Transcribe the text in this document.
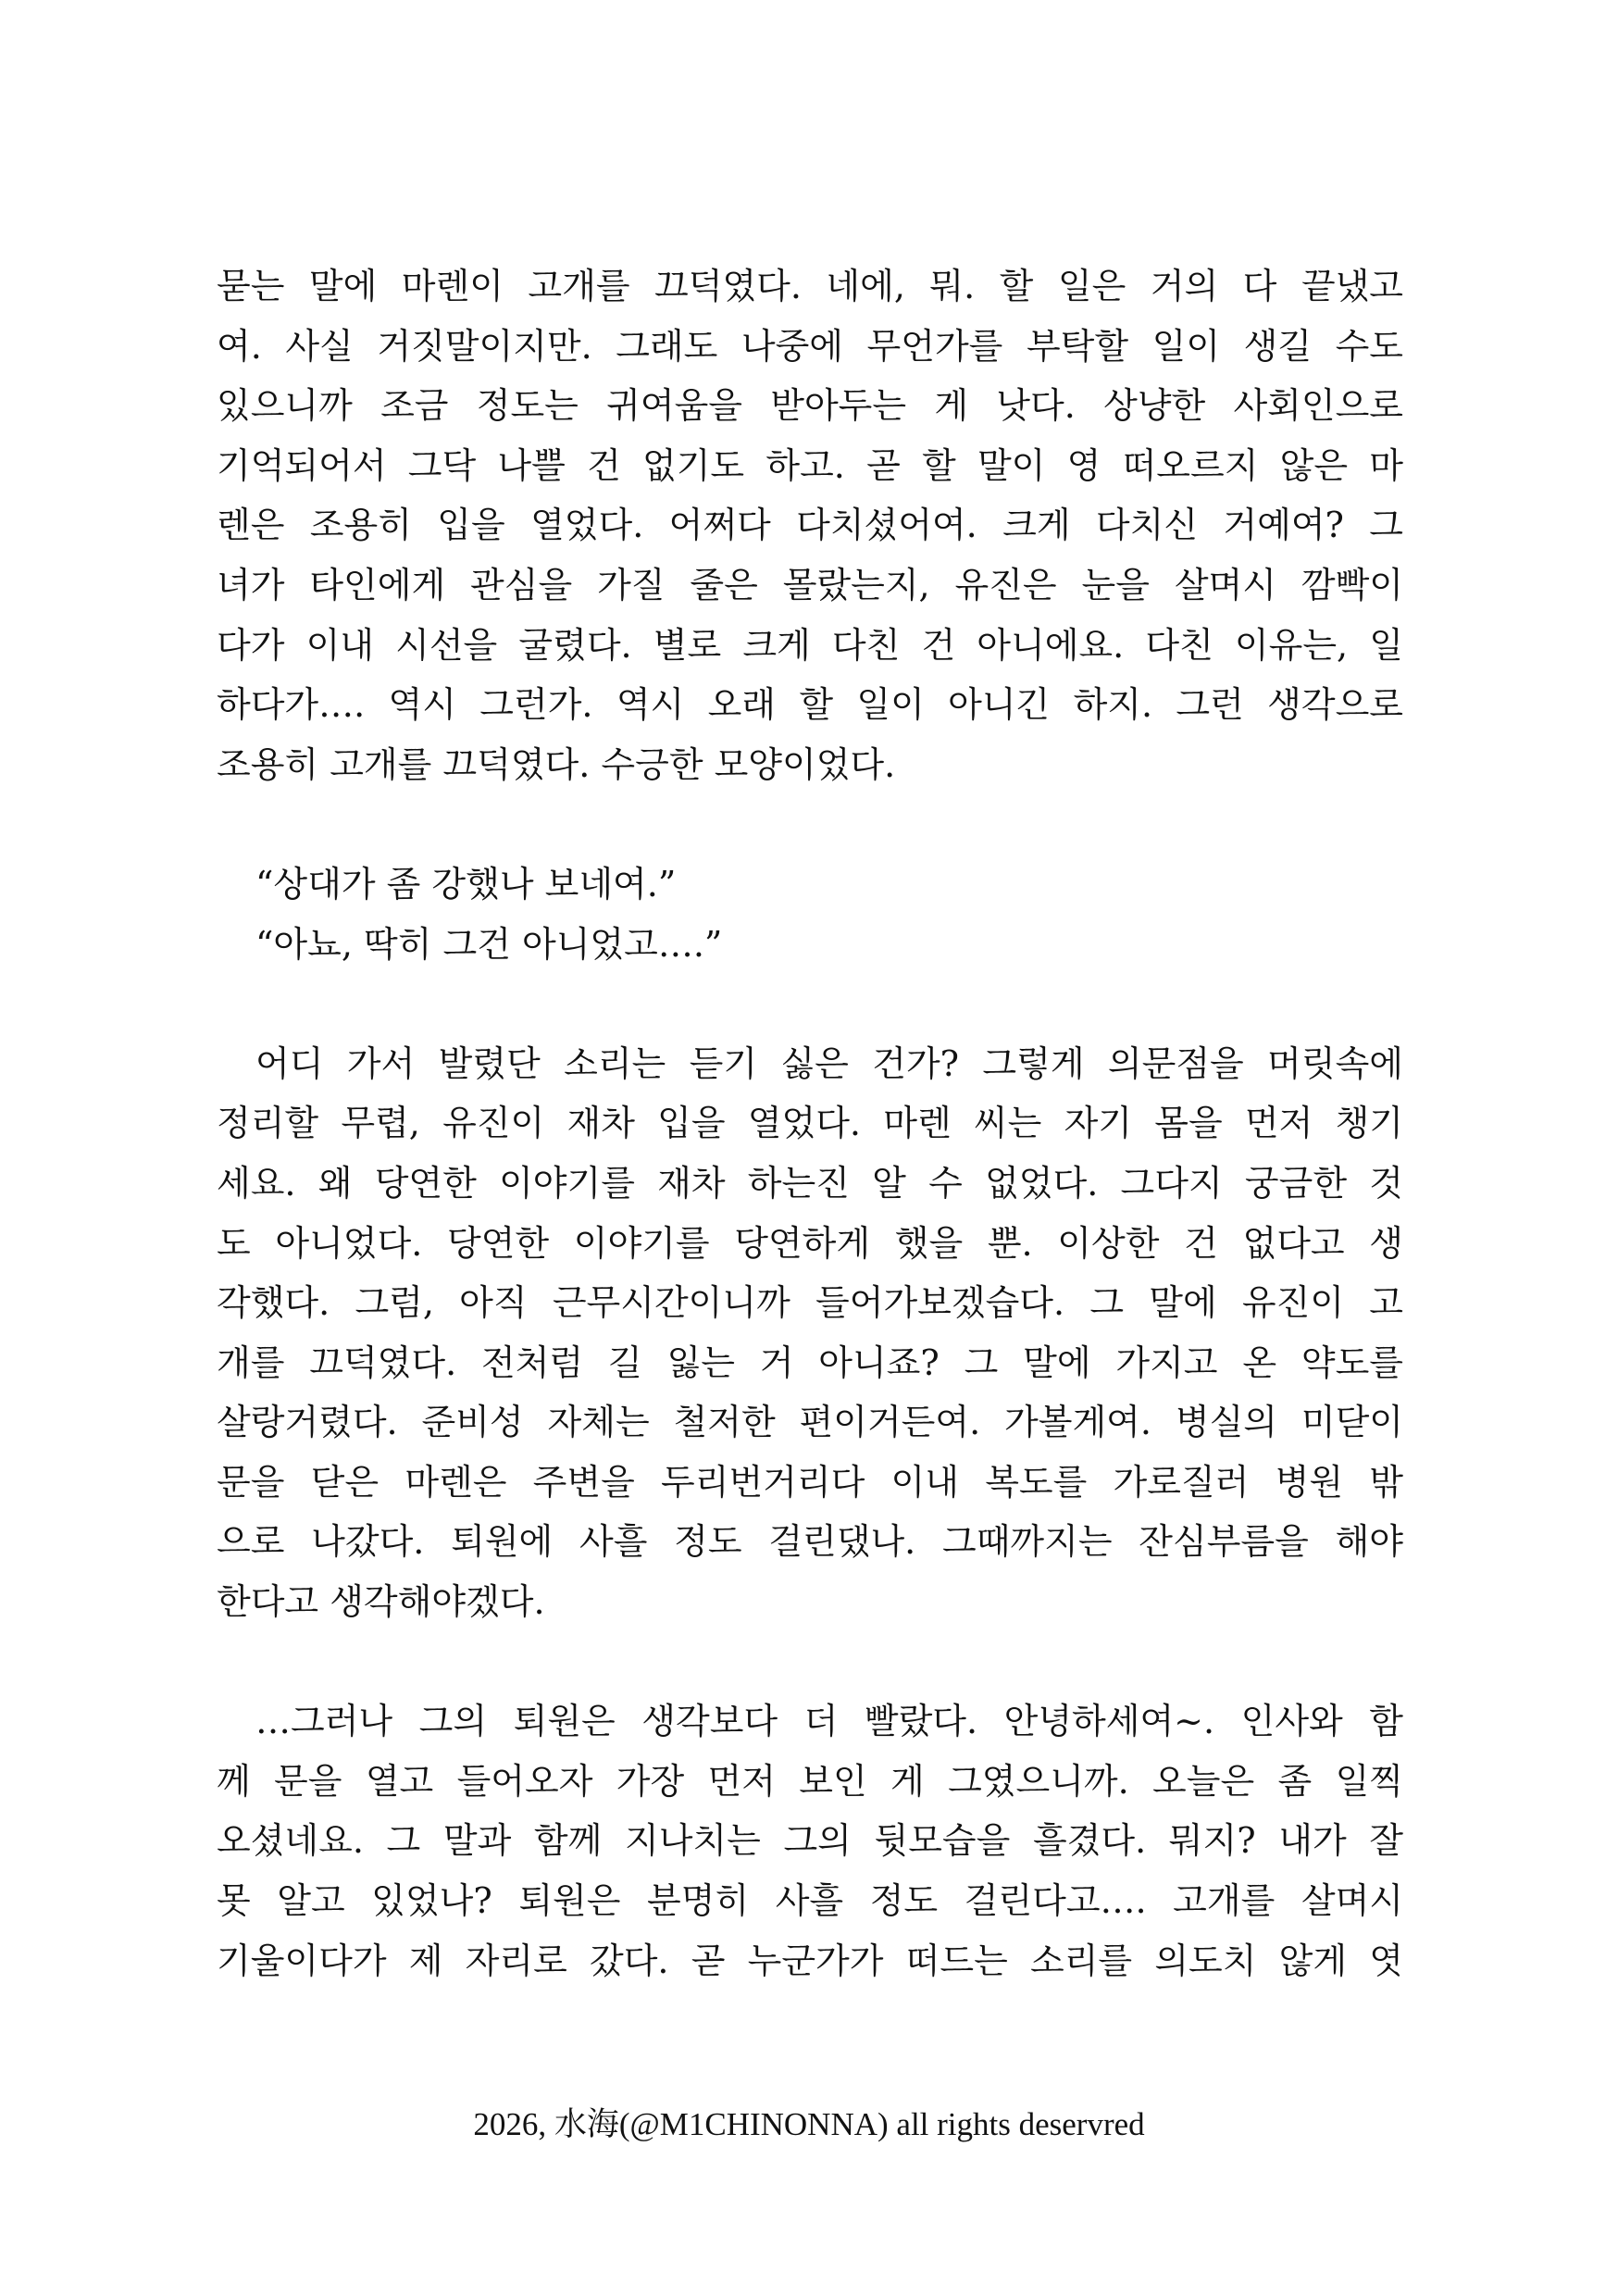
묻는 말에 마렌이 고개를 끄덕였다. 네에, 뭐. 할 일은 거의 다 끝냈고
여. 사실 거짓말이지만. 그래도 나중에 무언가를 부탁할 일이 생길 수도
있으니까 조금 정도는 귀여움을 받아두는 게 낫다. 상냥한 사회인으로
기억되어서 그닥 나쁠 건 없기도 하고. 곧 할 말이 영 떠오르지 않은 마
렌은 조용히 입을 열었다. 어쩌다 다치셨어여. 크게 다치신 거예여? 그
녀가 타인에게 관심을 가질 줄은 몰랐는지, 유진은 눈을 살며시 깜빡이
다가 이내 시선을 굴렸다. 별로 크게 다친 건 아니에요. 다친 이유는, 일
하다가…. 역시 그런가. 역시 오래 할 일이 아니긴 하지. 그런 생각으로
조용히 고개를 끄덕였다. 수긍한 모양이었다.
“상대가 좀 강했나 보네여.”
“아뇨, 딱히 그건 아니었고….”
어디 가서 발렸단 소리는 듣기 싫은 건가? 그렇게 의문점을 머릿속에
정리할 무렵, 유진이 재차 입을 열었다. 마렌 씨는 자기 몸을 먼저 챙기
세요. 왜 당연한 이야기를 재차 하는진 알 수 없었다. 그다지 궁금한 것
도 아니었다. 당연한 이야기를 당연하게 했을 뿐. 이상한 건 없다고 생
각했다. 그럼, 아직 근무시간이니까 들어가보겠습다. 그 말에 유진이 고
개를 끄덕였다. 전처럼 길 잃는 거 아니죠? 그 말에 가지고 온 약도를
살랑거렸다. 준비성 자체는 철저한 편이거든여. 가볼게여. 병실의 미닫이
문을 닫은 마렌은 주변을 두리번거리다 이내 복도를 가로질러 병원 밖
으로 나갔다. 퇴원에 사흘 정도 걸린댔나. 그때까지는 잔심부름을 해야
한다고 생각해야겠다.
…그러나 그의 퇴원은 생각보다 더 빨랐다. 안녕하세여~. 인사와 함
께 문을 열고 들어오자 가장 먼저 보인 게 그였으니까. 오늘은 좀 일찍
오셨네요. 그 말과 함께 지나치는 그의 뒷모습을 흘겼다. 뭐지? 내가 잘
못 알고 있었나? 퇴원은 분명히 사흘 정도 걸린다고…. 고개를 살며시
기울이다가 제 자리로 갔다. 곧 누군가가 떠드는 소리를 의도치 않게 엿
2026, 水海(@M1CHINONNA) all rights deservred
